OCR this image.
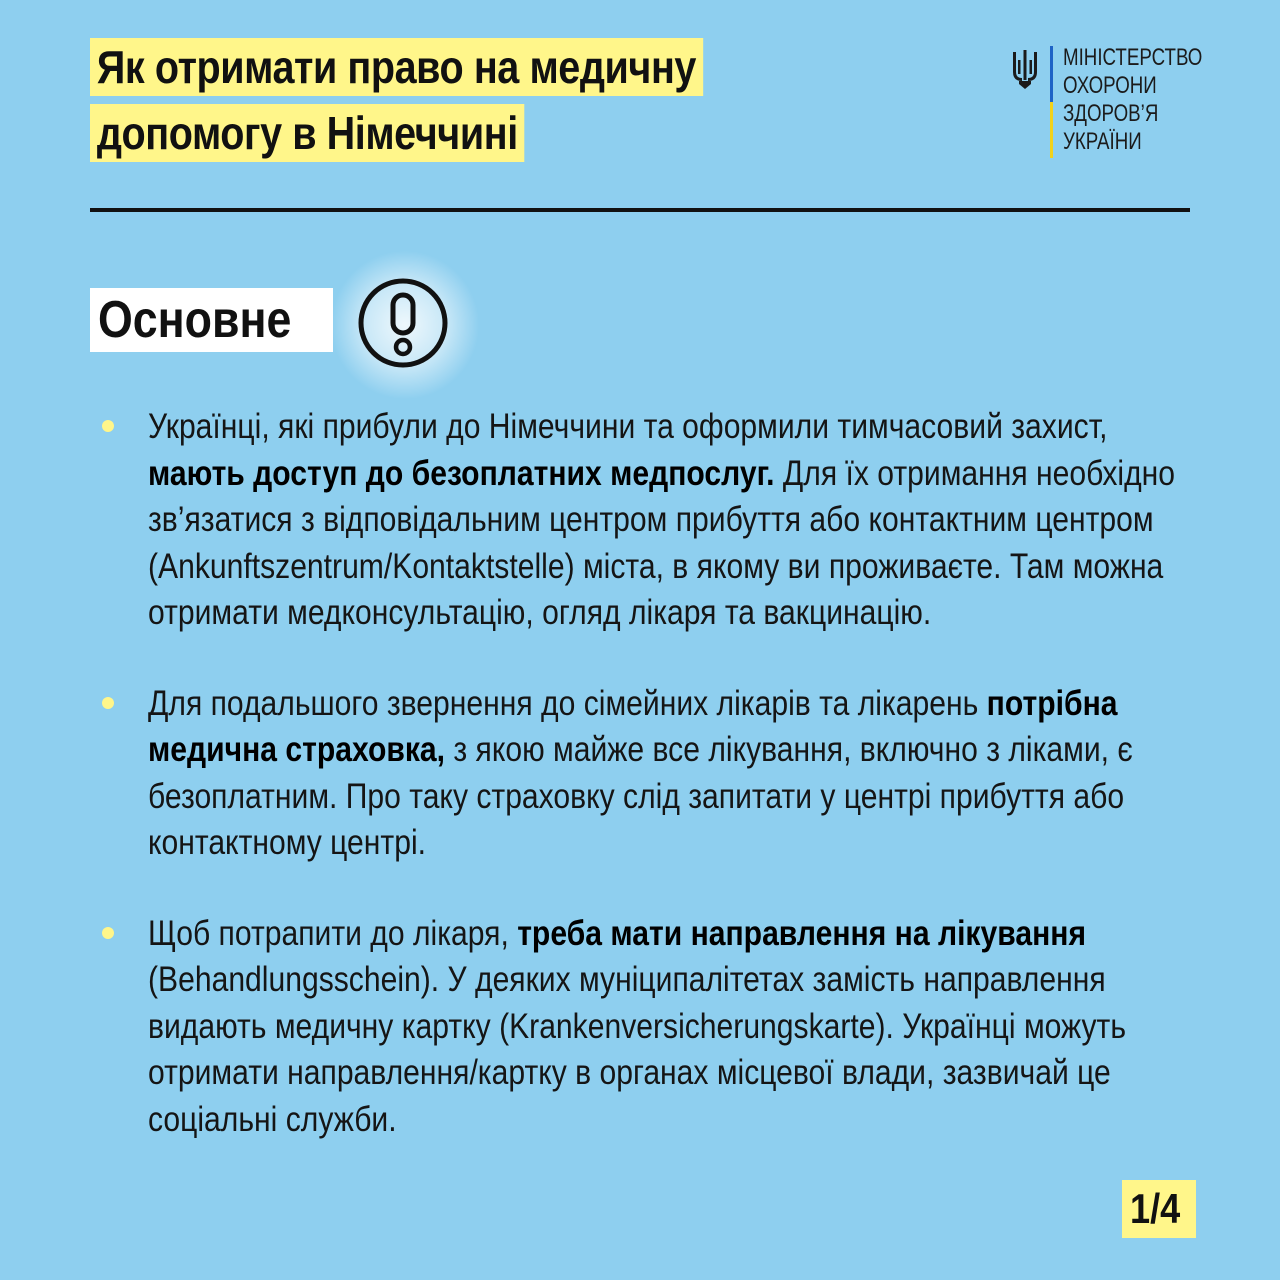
Як отримати право на медичну
допомогу в Німеччині
МІНІСТЕРСТВО
ОХОРОНИ
ЗДОРОВ’Я
УКРАЇНИ
Основне
Українці, які прибули до Німеччини та оформили тимчасовий захист, мають доступ до безоплатних медпослуг. Для їх отримання необхідно зв’язатися з відповідальним центром прибуття або контактним центром (Ankunftszentrum/Kontaktstelle) міста, в якому ви проживаєте. Там можна отримати медконсультацію, огляд лікаря та вакцинацію.
Для подальшого звернення до сімейних лікарів та лікарень потрібна медична страховка, з якою майже все лікування, включно з ліками, є безоплатним. Про таку страховку слід запитати у центрі прибуття або контактному центрі.
Щоб потрапити до лікаря, треба мати направлення на лікування (Behandlungsschein). У деяких муніципалітетах замість направлення видають медичну картку (Krankenversicherungskarte). Українці можуть отримати направлення/картку в органах місцевої влади, зазвичай це соціальні служби.
1/4
